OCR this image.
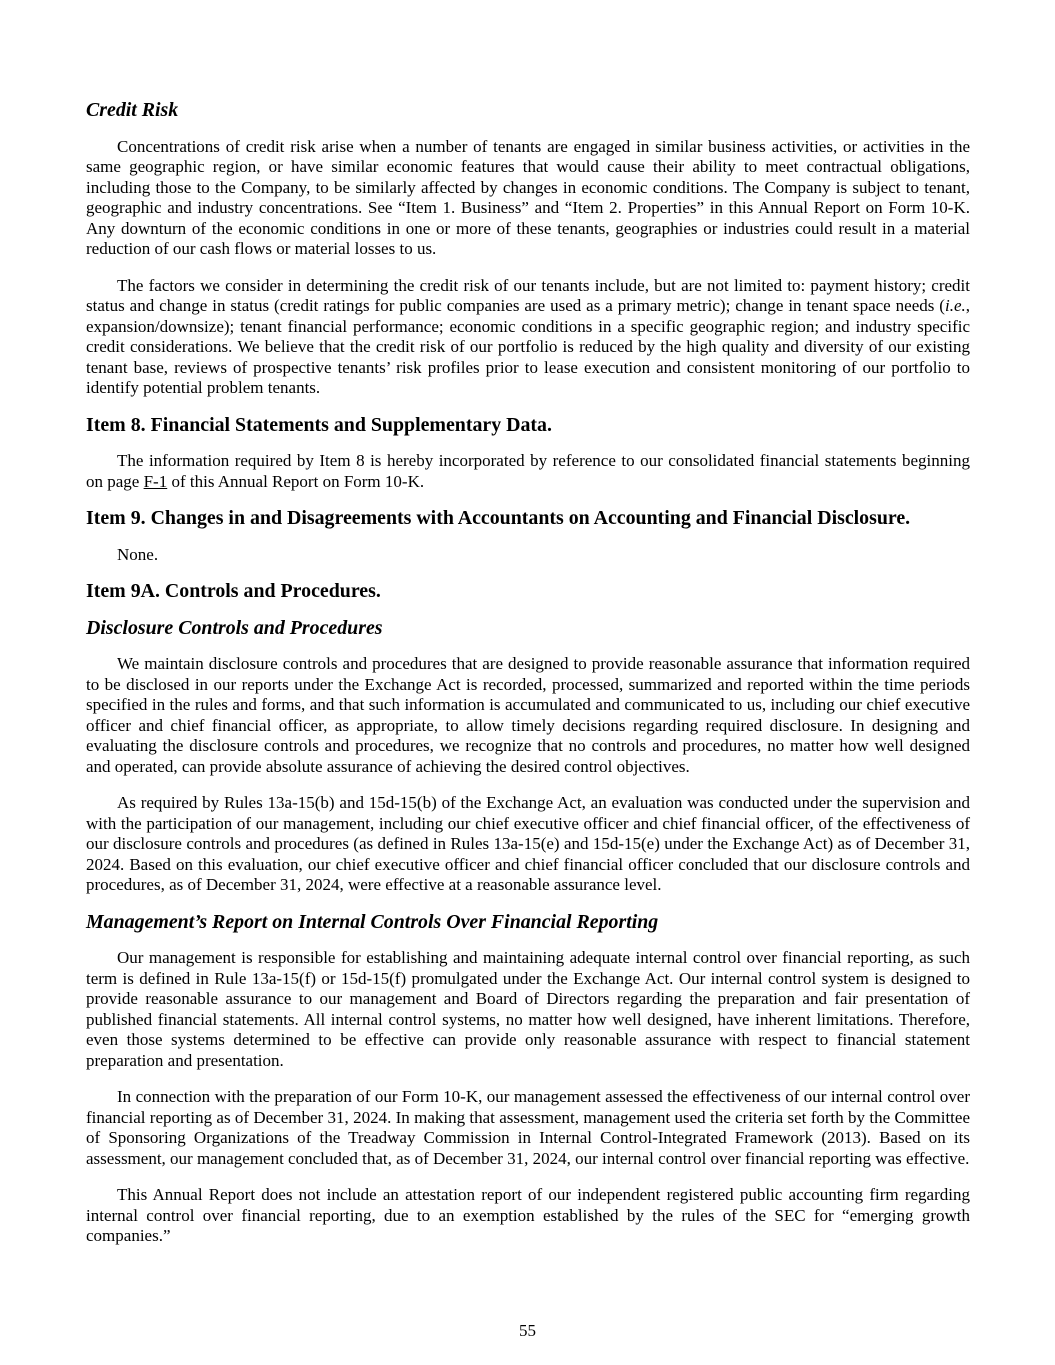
Credit Risk

Concentrations of credit risk arise when a number of tenants are engaged in similar business activities, or activities in the same geographic region, or have similar economic features that would cause their ability to meet contractual obligations, including those to the Company, to be similarly affected by changes in economic conditions. The Company is subject to tenant, geographic and industry concentrations. See “Item 1. Business” and “Item 2. Properties” in this Annual Report on Form 10-K. Any downturn of the economic conditions in one or more of these tenants, geographies or industries could result in a material reduction of our cash flows or material losses to us.

The factors we consider in determining the credit risk of our tenants include, but are not limited to: payment history; credit status and change in status (credit ratings for public companies are used as a primary metric); change in tenant space needs (i.e., expansion/downsize); tenant financial performance; economic conditions in a specific geographic region; and industry specific credit considerations. We believe that the credit risk of our portfolio is reduced by the high quality and diversity of our existing tenant base, reviews of prospective tenants’ risk profiles prior to lease execution and consistent monitoring of our portfolio to identify potential problem tenants.

Item 8. Financial Statements and Supplementary Data.

The information required by Item 8 is hereby incorporated by reference to our consolidated financial statements beginning on page F-1 of this Annual Report on Form 10-K.

Item 9. Changes in and Disagreements with Accountants on Accounting and Financial Disclosure.

None.

Item 9A. Controls and Procedures.
Disclosure Controls and Procedures

We maintain disclosure controls and procedures that are designed to provide reasonable assurance that information required to be disclosed in our reports under the Exchange Act is recorded, processed, summarized and reported within the time periods specified in the rules and forms, and that such information is accumulated and communicated to us, including our chief executive officer and chief financial officer, as appropriate, to allow timely decisions regarding required disclosure. In designing and evaluating the disclosure controls and procedures, we recognize that no controls and procedures, no matter how well designed and operated, can provide absolute assurance of achieving the desired control objectives.

As required by Rules 13a-15(b) and 15d-15(b) of the Exchange Act, an evaluation was conducted under the supervision and with the participation of our management, including our chief executive officer and chief financial officer, of the effectiveness of our disclosure controls and procedures (as defined in Rules 13a-15(e) and 15d-15(e) under the Exchange Act) as of December 31, 2024. Based on this evaluation, our chief executive officer and chief financial officer concluded that our disclosure controls and procedures, as of December 31, 2024, were effective at a reasonable assurance level.

Management’s Report on Internal Controls Over Financial Reporting

Our management is responsible for establishing and maintaining adequate internal control over financial reporting, as such term is defined in Rule 13a-15(f) or 15d-15(f) promulgated under the Exchange Act. Our internal control system is designed to provide reasonable assurance to our management and Board of Directors regarding the preparation and fair presentation of published financial statements. All internal control systems, no matter how well designed, have inherent limitations. Therefore, even those systems determined to be effective can provide only reasonable assurance with respect to financial statement preparation and presentation.

In connection with the preparation of our Form 10-K, our management assessed the effectiveness of our internal control over financial reporting as of December 31, 2024. In making that assessment, management used the criteria set forth by the Committee of Sponsoring Organizations of the Treadway Commission in Internal Control-Integrated Framework (2013). Based on its assessment, our management concluded that, as of December 31, 2024, our internal control over financial reporting was effective.

This Annual Report does not include an attestation report of our independent registered public accounting firm regarding internal control over financial reporting, due to an exemption established by the rules of the SEC for “emerging growth companies.”

55
